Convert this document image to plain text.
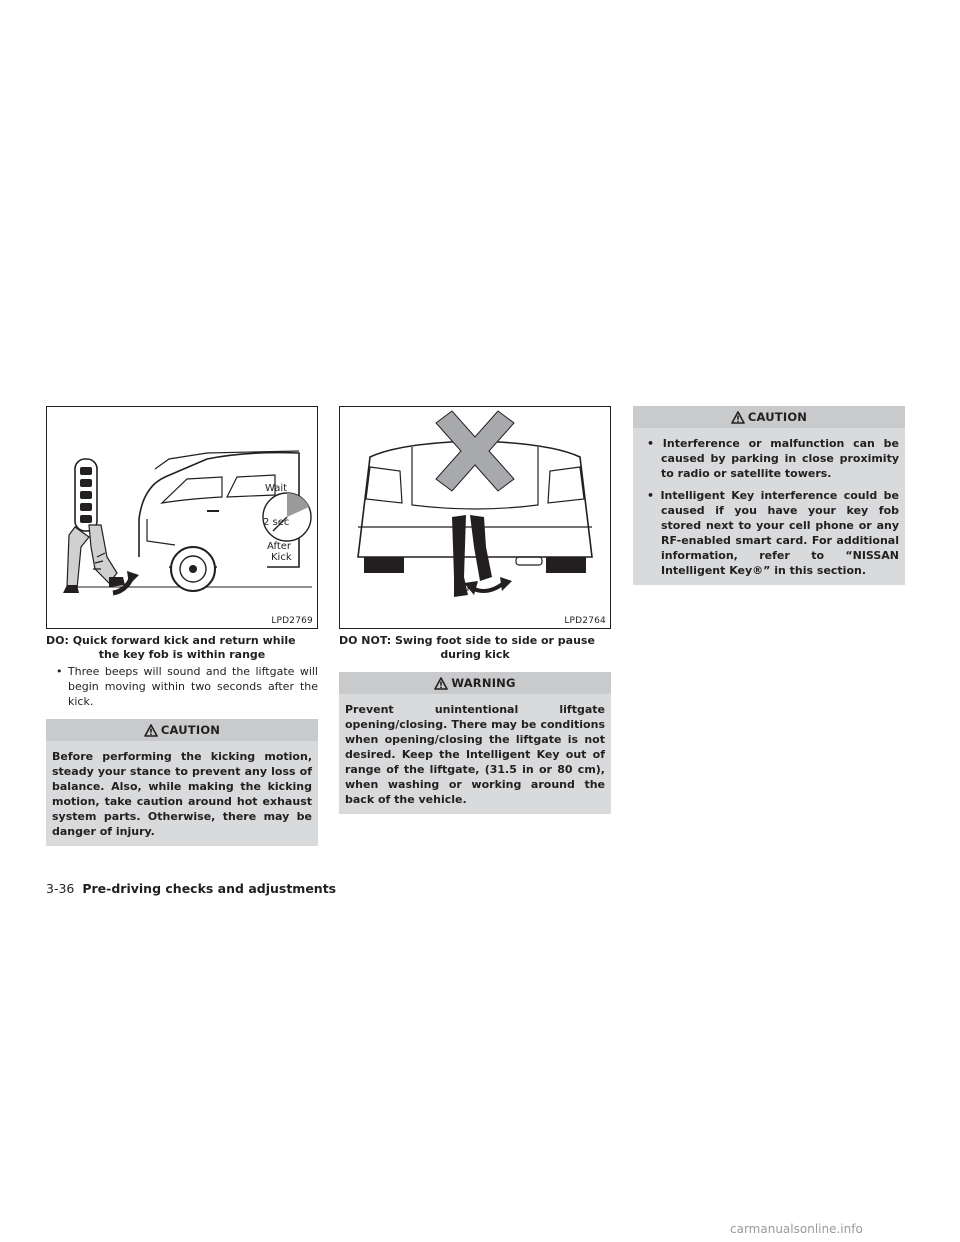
Wait
2 sec
After
Kick
LPD2769
DO: Quick forward kick and return while
the key fob is within range
• Three beeps will sound and the liftgate will begin moving within two seconds after the kick.
CAUTION
Before performing the kicking motion, steady your stance to prevent any loss of balance. Also, while making the kicking motion, take caution around hot exhaust system parts. Otherwise, there may be danger of injury.
LPD2764
DO NOT: Swing foot side to side or pause
during kick
WARNING
Prevent unintentional liftgate opening/closing. There may be conditions when opening/closing the liftgate is not desired. Keep the Intelligent Key out of range of the liftgate, (31.5 in or 80 cm), when washing or working around the back of the vehicle.
CAUTION
• Interference or malfunction can be caused by parking in close proximity to radio or satellite towers.
• Intelligent Key interference could be caused if you have your key fob stored next to your cell phone or any RF-enabled smart card. For additional information, refer to “NISSAN Intelligent Key®” in this section.
3-36 Pre-driving checks and adjustments
carmanualsonline.info
